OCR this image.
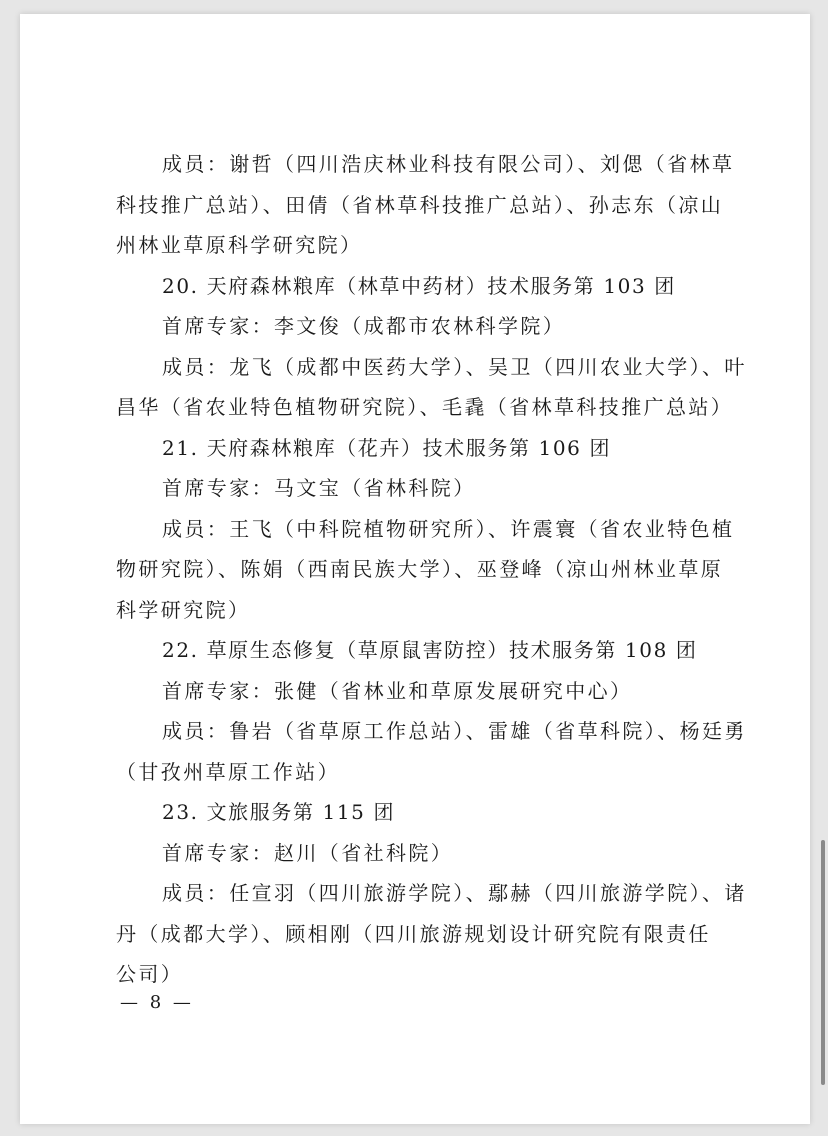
成员：谢哲（四川浩庆林业科技有限公司）、刘偲（省林草
科技推广总站）、田倩（省林草科技推广总站）、孙志东（凉山
州林业草原科学研究院）
20. 天府森林粮库（林草中药材）技术服务第 103 团
首席专家：李文俊（成都市农林科学院）
成员：龙飞（成都中医药大学）、吴卫（四川农业大学）、叶
昌华（省农业特色植物研究院）、毛毳（省林草科技推广总站）
21. 天府森林粮库（花卉）技术服务第 106 团
首席专家：马文宝（省林科院）
成员：王飞（中科院植物研究所）、许震寰（省农业特色植
物研究院）、陈娟（西南民族大学）、巫登峰（凉山州林业草原
科学研究院）
22. 草原生态修复（草原鼠害防控）技术服务第 108 团
首席专家：张健（省林业和草原发展研究中心）
成员：鲁岩（省草原工作总站）、雷雄（省草科院）、杨廷勇
（甘孜州草原工作站）
23. 文旅服务第 115 团
首席专家：赵川（省社科院）
成员：任宣羽（四川旅游学院）、鄢赫（四川旅游学院）、诸
丹（成都大学）、顾相刚（四川旅游规划设计研究院有限责任
公司）
— 8 —
